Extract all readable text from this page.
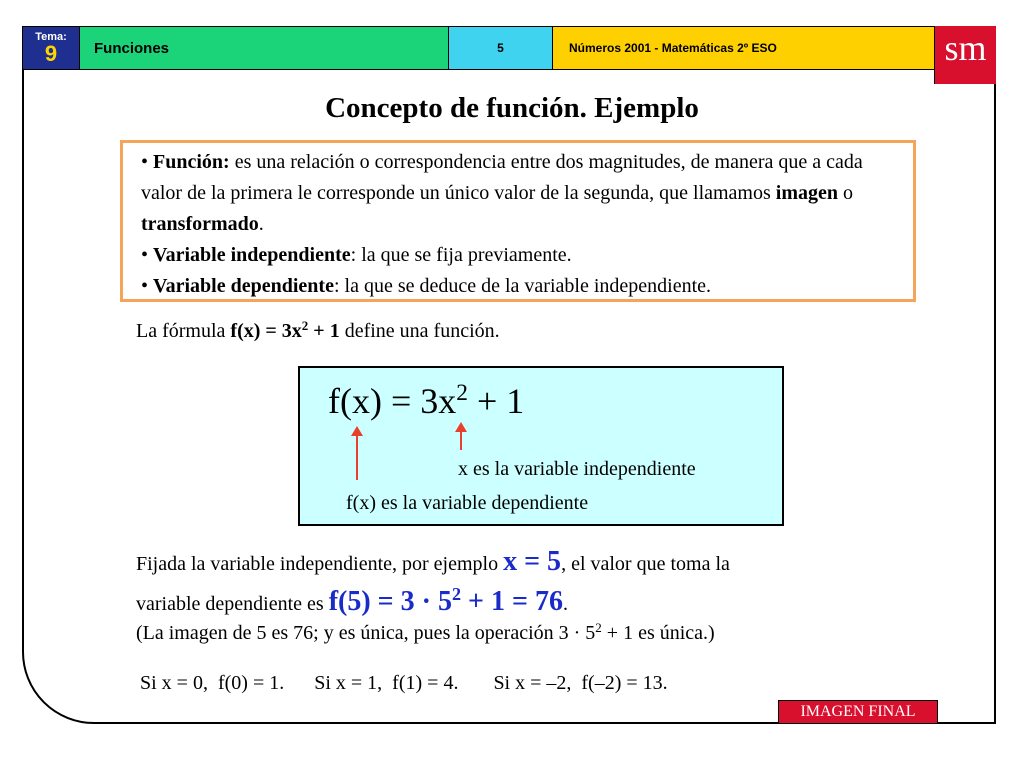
Tema:
9	Funciones	5	Números 2001 - Matemáticas 2º ESO	sm
Concepto de función. Ejemplo

• Función: es una relación o correspondencia entre dos magnitudes, de manera que a cada valor de la primera le corresponde un único valor de la segunda, que llamamos imagen o transformado.

• Variable independiente: la que se fija previamente.

• Variable dependiente: la que se deduce de la variable independiente.

La fórmula $f(x) = 3x^2 + 1$ define una función.
$f(x) = 3x^2 + 1$
x es la variable independiente
f(x) es la variable dependiente
Fijada la variable independiente, por ejemplo x = 5, el valor que toma la
variable dependiente es $f(5) = 3 \cdot 5^2 + 1 = 76$.
(La imagen de 5 es 76; y es única, pues la operación $3 \cdot 5^2 + 1$ es única.)
Si x = 0,  f(0) = 1.      Si x = 1,  f(1) = 4.       Si x = –2,  f(–2) = 13.
IMAGEN FINAL
